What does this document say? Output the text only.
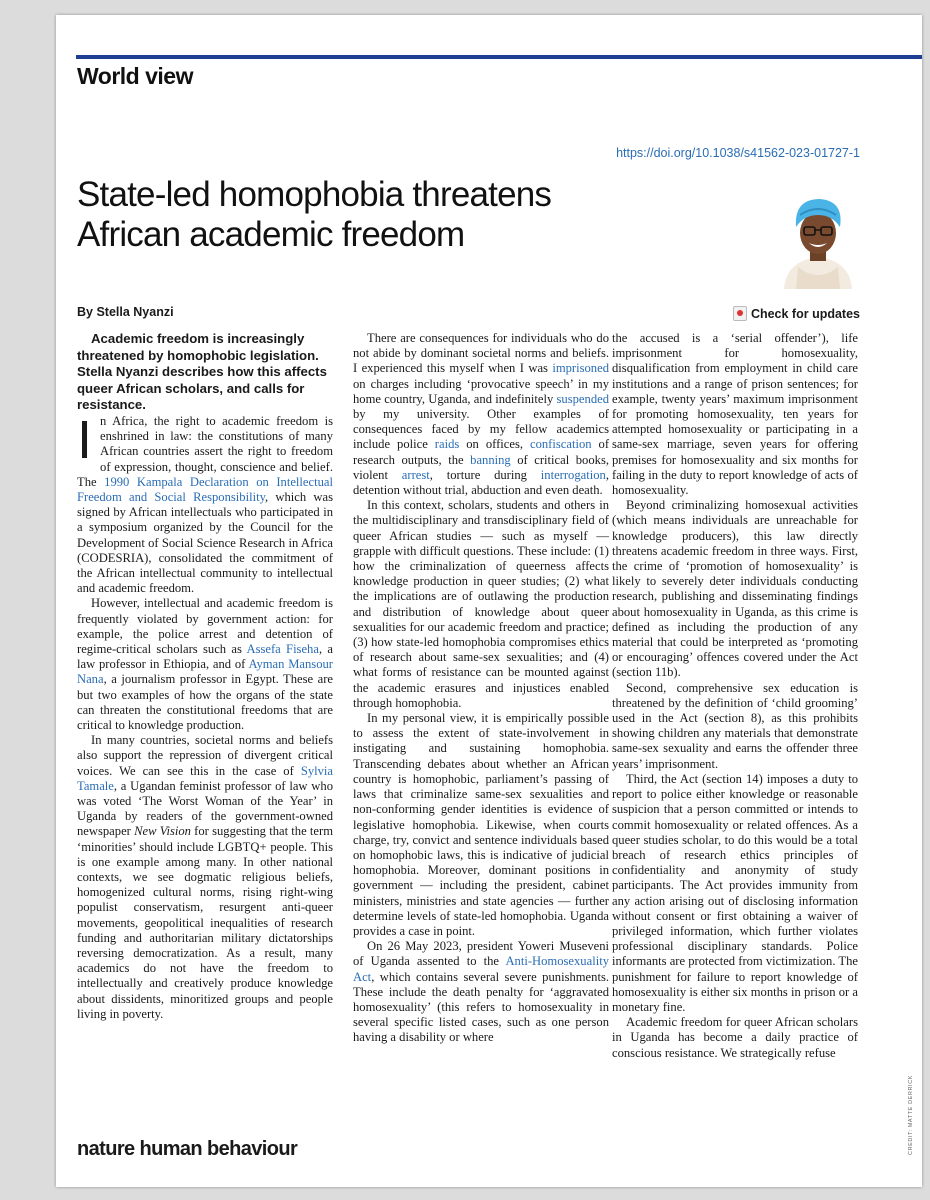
World view
https://doi.org/10.1038/s41562-023-01727-1
State-led homophobia threatens
African academic freedom
By Stella Nyanzi	Check for updates

Academic freedom is increasingly threatened by homophobic legislation. Stella Nyanzi describes how this affects queer African scholars, and calls for resistance.

In Africa, the right to academic freedom is enshrined in law: the constitutions of many African countries assert the right to freedom of expression, thought, conscience and belief. The 1990 Kampala Declaration on Intellectual Freedom and Social Responsibility, which was signed by African intellectuals who participated in a symposium organized by the Council for the Development of Social Science Research in Africa (CODESRIA), consolidated the commitment of the African intellectual community to intellectual and academic freedom.

However, intellectual and academic freedom is frequently violated by government action: for example, the police arrest and detention of regime-critical scholars such as Assefa Fiseha, a law professor in Ethiopia, and of Ayman Mansour Nana, a journalism professor in Egypt. These are but two examples of how the organs of the state can threaten the constitutional freedoms that are critical to knowledge production.

In many countries, societal norms and beliefs also support the repression of divergent critical voices. We can see this in the case of Sylvia Tamale, a Ugandan feminist professor of law who was voted ‘The Worst Woman of the Year’ in Uganda by readers of the government-owned newspaper New Vision for suggesting that the term ‘minorities’ should include LGBTQ+ people. This is one example among many. In other national contexts, we see dogmatic religious beliefs, homogenized cultural norms, rising right-wing populist conservatism, resurgent anti-queer movements, geopolitical inequalities of research funding and authoritarian military dictatorships reversing democratization. As a result, many academics do not have the freedom to intellectually and creatively produce knowledge about dissidents, minoritized groups and people living in poverty.

There are consequences for individuals who do not abide by dominant societal norms and beliefs. I experienced this myself when I was imprisoned on charges including ‘provocative speech’ in my home country, Uganda, and indefinitely suspended by my university. Other examples of consequences faced by my fellow academics include police raids on offices, confiscation of research outputs, the banning of critical books, violent arrest, torture during interrogation, detention without trial, abduction and even death.

In this context, scholars, students and others in the multidisciplinary and transdisciplinary field of queer African studies — such as myself — grapple with difficult questions. These include: (1) how the criminalization of queerness affects knowledge production in queer studies; (2) what the implications are of outlawing the production and distribution of knowledge about queer sexualities for our academic freedom and practice; (3) how state-led homophobia compromises ethics of research about same-sex sexualities; and (4) what forms of resistance can be mounted against the academic erasures and injustices enabled through homophobia.

In my personal view, it is empirically possible to assess the extent of state-involvement in instigating and sustaining homophobia. Transcending debates about whether an African country is homophobic, parliament’s passing of laws that criminalize same-sex sexualities and non-conforming gender identities is evidence of legislative homophobia. Likewise, when courts charge, try, convict and sentence individuals based on homophobic laws, this is indicative of judicial homophobia. Moreover, dominant positions in government — including the president, cabinet ministers, ministries and state agencies — further determine levels of state-led homophobia. Uganda provides a case in point.

On 26 May 2023, president Yoweri Museveni of Uganda assented to the Anti-Homosexuality Act, which contains several severe punishments. These include the death penalty for ‘aggravated homosexuality’ (this refers to homosexuality in several specific listed cases, such as one person having a disability or where

the accused is a ‘serial offender’), life imprisonment for homosexuality, disqualification from employment in child care institutions and a range of prison sentences; for example, twenty years’ maximum imprisonment for promoting homosexuality, ten years for attempted homosexuality or participating in a same-sex marriage, seven years for offering premises for homosexuality and six months for failing in the duty to report knowledge of acts of homosexuality.

Beyond criminalizing homosexual activities (which means individuals are unreachable for knowledge producers), this law directly threatens academic freedom in three ways. First, the crime of ‘promotion of homosexuality’ is likely to severely deter individuals conducting research, publishing and disseminating findings about homosexuality in Uganda, as this crime is defined as including the production of any material that could be interpreted as ‘promoting or encouraging’ offences covered under the Act (section 11b).

Second, comprehensive sex education is threatened by the definition of ‘child grooming’ used in the Act (section 8), as this prohibits showing children any materials that demonstrate same-sex sexuality and earns the offender three years’ imprisonment.

Third, the Act (section 14) imposes a duty to report to police either knowledge or reasonable suspicion that a person committed or intends to commit homosexuality or related offences. As a queer studies scholar, to do this would be a total breach of research ethics principles of confidentiality and anonymity of study participants. The Act provides immunity from any action arising out of disclosing information without consent or first obtaining a waiver of privileged information, which further violates professional disciplinary standards. Police informants are protected from victimization. The punishment for failure to report knowledge of homosexuality is either six months in prison or a monetary fine.

Academic freedom for queer African scholars in Uganda has become a daily practice of conscious resistance. We strategically refuse

nature human behaviour	CREDIT: MATTE DERRICK
